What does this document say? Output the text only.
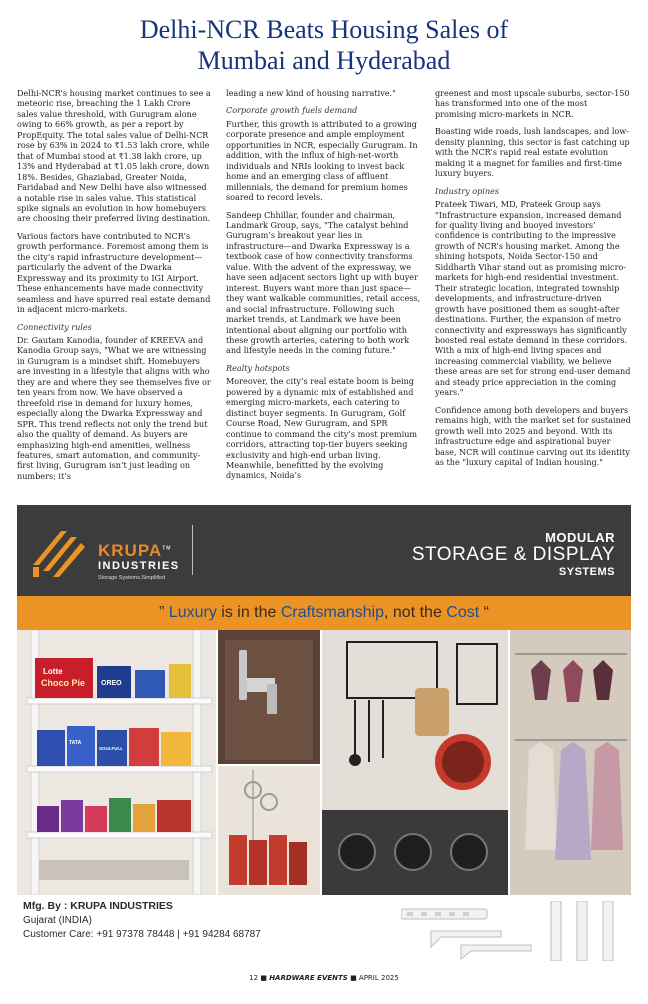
Delhi-NCR Beats Housing Sales of
Mumbai and Hyderabad

Delhi-NCR’s housing market continues to see a meteoric rise, breaching the 1 Lakh Crore sales value threshold, with Gurugram alone owing to 66% growth, as per a report by PropEquity. The total sales value of Delhi-NCR rose by 63% in 2024 to ₹1.53 lakh crore, while that of Mumbai stood at ₹1.38 lakh crore, up 13% and Hyderabad at ₹1.05 lakh crore, down 18%. Besides, Ghaziabad, Greater Noida, Faridabad and New Delhi have also witnessed a notable rise in sales value. This statistical spike signals an evolution in how homebuyers are choosing their preferred living destination.

Various factors have contributed to NCR’s growth performance. Foremost among them is the city’s rapid infrastructure development—particularly the advent of the Dwarka Expressway and its proximity to IGI Airport. These enhancements have made connectivity seamless and have spurred real estate demand in adjacent micro-markets.

Connectivity rules

Dr. Gautam Kanodia, founder of KREEVA and Kanodia Group says, "What we are witnessing in Gurugram is a mindset shift. Homebuyers are investing in a lifestyle that aligns with who they are and where they see themselves five or ten years from now. We have observed a threefold rise in demand for luxury homes, especially along the Dwarka Expressway and SPR. This trend reflects not only the trend but also the quality of demand. As buyers are emphasizing high-end amenities, wellness features, smart automation, and community-first living, Gurugram isn’t just leading on numbers; it’s

leading a new kind of housing narrative."

Corporate growth fuels demand

Further, this growth is attributed to a growing corporate presence and ample employment opportunities in NCR, especially Gurugram. In addition, with the influx of high-net-worth individuals and NRIs looking to invest back home and an emerging class of affluent millennials, the demand for premium homes soared to record levels.

Sandeep Chhillar, founder and chairman, Landmark Group, says, "The catalyst behind Gurugram’s breakout year lies in infrastructure—and Dwarka Expressway is a textbook case of how connectivity transforms value. With the advent of the expressway, we have seen adjacent sectors light up with buyer interest. Buyers want more than just space—they want walkable communities, retail access, and social infrastructure. Following such market trends, at Landmark we have been intentional about aligning our portfolio with these growth arteries, catering to both work and lifestyle needs in the coming future."

Realty hotspots

Moreover, the city’s real estate boom is being powered by a dynamic mix of established and emerging micro-markets, each catering to distinct buyer segments. In Gurugram, Golf Course Road, New Gurugram, and SPR continue to command the city’s most premium corridors, attracting top-tier buyers seeking exclusivity and high-end urban living. Meanwhile, benefitted by the evolving dynamics, Noida’s

greenest and most upscale suburbs, sector-150 has transformed into one of the most promising micro-markets in NCR.

Boasting wide roads, lush landscapes, and low-density planning, this sector is fast catching up with the NCR’s rapid real estate evolution making it a magnet for families and first-time luxury buyers.

Industry opines

Prateek Tiwari, MD, Prateek Group says "Infrastructure expansion, increased demand for quality living and buoyed investors’ confidence is contributing to the impressive growth of NCR’s housing market. Among the shining hotspots, Noida Sector-150 and Siddharth Vihar stand out as promising micro-markets for high-end residential investment. Their strategic location, integrated township developments, and infrastructure-driven growth have positioned them as sought-after destinations. Further, the expansion of metro connectivity and expressways has significantly boosted real estate demand in these corridors. With a mix of high-end living spaces and increasing commercial viability, we believe these areas are set for strong end-user demand and steady price appreciation in the coming years."

Confidence among both developers and buyers remains high, with the market set for sustained growth well into 2025 and beyond. With its infrastructure edge and aspirational buyer base, NCR will continue carving out its identity as the "luxury capital of Indian housing."

KRUPA™
INDUSTRIES
Storage Systems,Simplified
MODULAR
STORAGE & DISPLAY
SYSTEMS
” Luxury is in the Craftsmanship, not the Cost “
Lotte
Choco Pie OREO
TATA
SOULFULL
Mfg. By : KRUPA INDUSTRIES
Gujarat (INDIA)
Customer Care: +91 97378 78448 | +91 94284 68787
12 ■ HARDWARE EVENTS ■ APRIL 2025
